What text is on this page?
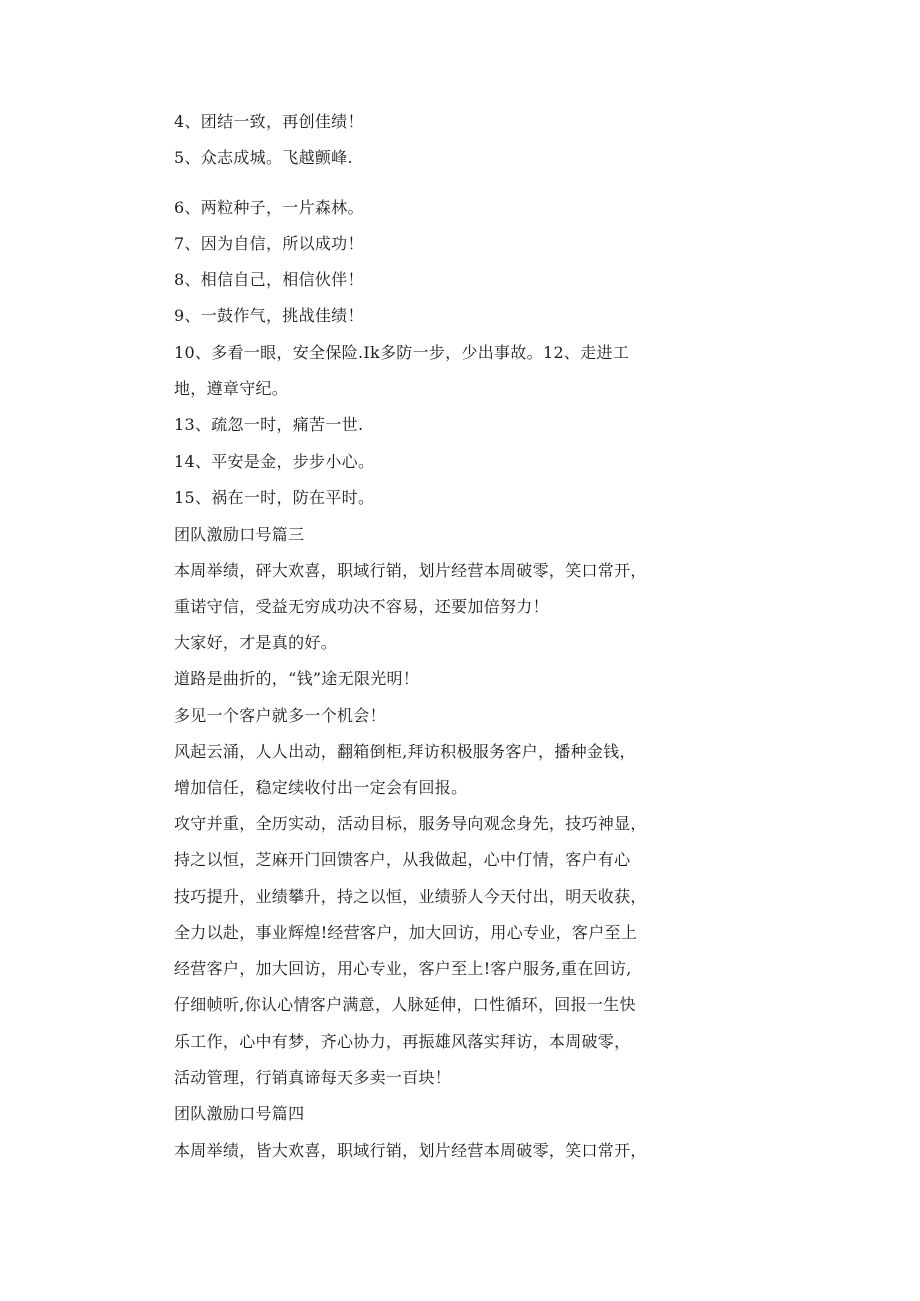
4、团结一致，再创佳绩！
5、众志成城。飞越颤峰.
6、两粒种子，一片森林。
7、因为自信，所以成功！
8、相信自己，相信伙伴！
9、一鼓作气，挑战佳绩！
10、多看一眼，安全保险.Ik多防一步，少出事故。12、走进工
地，遵章守纪。
13、疏忽一时，痛苦一世.
14、平安是金，步步小心。
15、祸在一时，防在平时。
团队激励口号篇三
本周举绩，砰大欢喜，职域行销，划片经营本周破零，笑口常开，
重诺守信，受益无穷成功决不容易，还要加倍努力！
大家好，才是真的好。
道路是曲折的，“钱”途无限光明！
多见一个客户就多一个机会！
风起云涌，人人出动，翻箱倒柜,拜访积极服务客户，播种金钱，
增加信任，稳定续收付出一定会有回报。
攻守并重，全历实动，活动目标，服务导向观念身先，技巧神显，
持之以恒，芝麻开门回馈客户，从我做起，心中仃情，客户有心
技巧提升，业绩攀升，持之以恒，业绩骄人今天付出，明天收获，
全力以赴，事业辉煌!经营客户，加大回访，用心专业，客户至上
经营客户，加大回访，用心专业，客户至上!客户服务,重在回访,
仔细帧听,你认心情客户满意，人脉延伸，口性循环，回报一生快
乐工作，心中有梦，齐心协力，再振雄风落实拜访，本周破零，
活动管理，行销真谛每天多卖一百块！
团队激励口号篇四
本周举绩，皆大欢喜，职域行销，划片经营本周破零，笑口常开，
